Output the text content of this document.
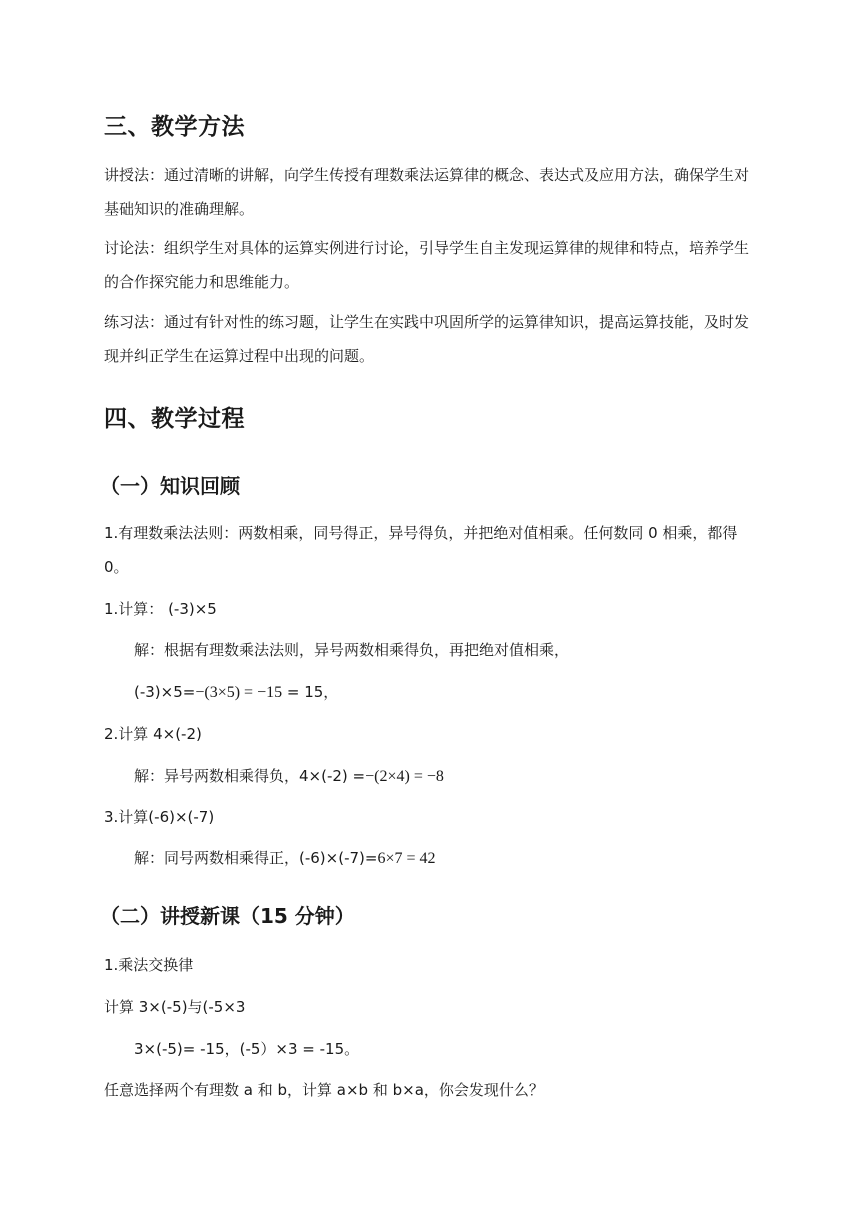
三、教学方法

讲授法：通过清晰的讲解，向学生传授有理数乘法运算律的概念、表达式及应用方法，确保学生对基础知识的准确理解。

讨论法：组织学生对具体的运算实例进行讨论，引导学生自主发现运算律的规律和特点，培养学生的合作探究能力和思维能力。

练习法：通过有针对性的练习题，让学生在实践中巩固所学的运算律知识，提高运算技能，及时发现并纠正学生在运算过程中出现的问题。

四、教学过程
（一）知识回顾

1.有理数乘法法则：两数相乘，同号得正，异号得负，并把绝对值相乘。任何数同 0 相乘，都得 0。

1.计算： (-3)×5

解：根据有理数乘法法则，异号两数相乘得负，再把绝对值相乘，

(-3)×5=−(3×5) = −15 = 15，

2.计算 4×(-2)

解：异号两数相乘得负，4×(-2) =−(2×4) = −8

3.计算(-6)×(-7)

解：同号两数相乘得正，(-6)×(-7)=6×7 = 42

（二）讲授新课（15 分钟）

1.乘法交换律

计算 3×(-5)与(-5×3

3×(-5)= -15，(-5）×3 = -15。

任意选择两个有理数 a 和 b，计算 a×b 和 b×a，你会发现什么？
